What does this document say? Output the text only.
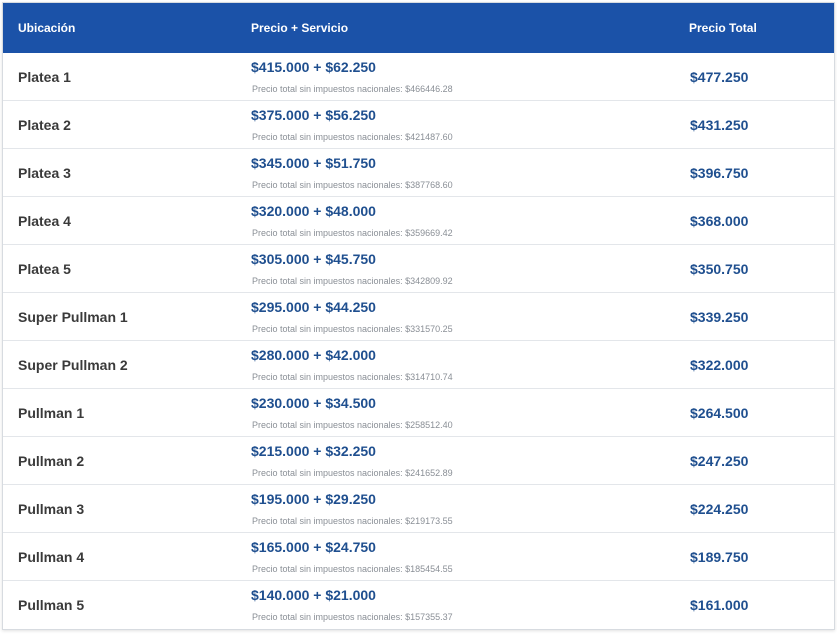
Ubicación	Precio + Servicio	Precio Total
Platea 1
$415.000 + $62.250
Precio total sin impuestos nacionales: $466446.28
$477.250
Platea 2
$375.000 + $56.250
Precio total sin impuestos nacionales: $421487.60
$431.250
Platea 3
$345.000 + $51.750
Precio total sin impuestos nacionales: $387768.60
$396.750
Platea 4
$320.000 + $48.000
Precio total sin impuestos nacionales: $359669.42
$368.000
Platea 5
$305.000 + $45.750
Precio total sin impuestos nacionales: $342809.92
$350.750
Super Pullman 1
$295.000 + $44.250
Precio total sin impuestos nacionales: $331570.25
$339.250
Super Pullman 2
$280.000 + $42.000
Precio total sin impuestos nacionales: $314710.74
$322.000
Pullman 1
$230.000 + $34.500
Precio total sin impuestos nacionales: $258512.40
$264.500
Pullman 2
$215.000 + $32.250
Precio total sin impuestos nacionales: $241652.89
$247.250
Pullman 3
$195.000 + $29.250
Precio total sin impuestos nacionales: $219173.55
$224.250
Pullman 4
$165.000 + $24.750
Precio total sin impuestos nacionales: $185454.55
$189.750
Pullman 5
$140.000 + $21.000
Precio total sin impuestos nacionales: $157355.37
$161.000
